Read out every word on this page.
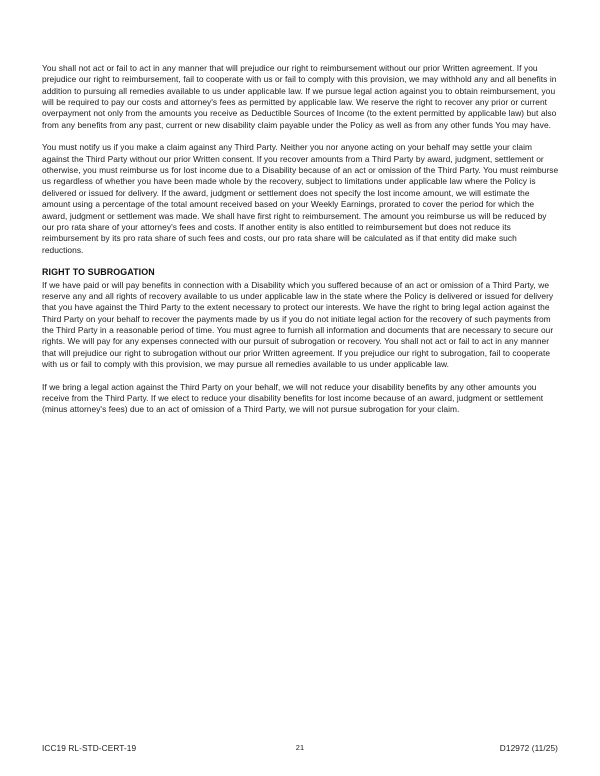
You shall not act or fail to act in any manner that will prejudice our right to reimbursement without our prior Written agreement. If you prejudice our right to reimbursement, fail to cooperate with us or fail to comply with this provision, we may withhold any and all benefits in addition to pursuing all remedies available to us under applicable law. If we pursue legal action against you to obtain reimbursement, you will be required to pay our costs and attorney's fees as permitted by applicable law. We reserve the right to recover any prior or current overpayment not only from the amounts you receive as Deductible Sources of Income (to the extent permitted by applicable law) but also from any benefits from any past, current or new disability claim payable under the Policy as well as from any other funds You may have.

You must notify us if you make a claim against any Third Party. Neither you nor anyone acting on your behalf may settle your claim against the Third Party without our prior Written consent. If you recover amounts from a Third Party by award, judgment, settlement or otherwise, you must reimburse us for lost income due to a Disability because of an act or omission of the Third Party. You must reimburse us regardless of whether you have been made whole by the recovery, subject to limitations under applicable law where the Policy is delivered or issued for delivery. If the award, judgment or settlement does not specify the lost income amount, we will estimate the amount using a percentage of the total amount received based on your Weekly Earnings, prorated to cover the period for which the award, judgment or settlement was made. We shall have first right to reimbursement. The amount you reimburse us will be reduced by our pro rata share of your attorney's fees and costs. If another entity is also entitled to reimbursement but does not reduce its reimbursement by its pro rata share of such fees and costs, our pro rata share will be calculated as if that entity did make such reductions.

RIGHT TO SUBROGATION

If we have paid or will pay benefits in connection with a Disability which you suffered because of an act or omission of a Third Party, we reserve any and all rights of recovery available to us under applicable law in the state where the Policy is delivered or issued for delivery that you have against the Third Party to the extent necessary to protect our interests. We have the right to bring legal action against the Third Party on your behalf to recover the payments made by us if you do not initiate legal action for the recovery of such payments from the Third Party in a reasonable period of time. You must agree to furnish all information and documents that are necessary to secure our rights. We will pay for any expenses connected with our pursuit of subrogation or recovery. You shall not act or fail to act in any manner that will prejudice our right to subrogation without our prior Written agreement. If you prejudice our right to subrogation, fail to cooperate with us or fail to comply with this provision, we may pursue all remedies available to us under applicable law.

If we bring a legal action against the Third Party on your behalf, we will not reduce your disability benefits by any other amounts you receive from the Third Party. If we elect to reduce your disability benefits for lost income because of an award, judgment or settlement (minus attorney's fees) due to an act of omission of a Third Party, we will not pursue subrogation for your claim.

ICC19 RL-STD-CERT-19	21	D12972 (11/25)
